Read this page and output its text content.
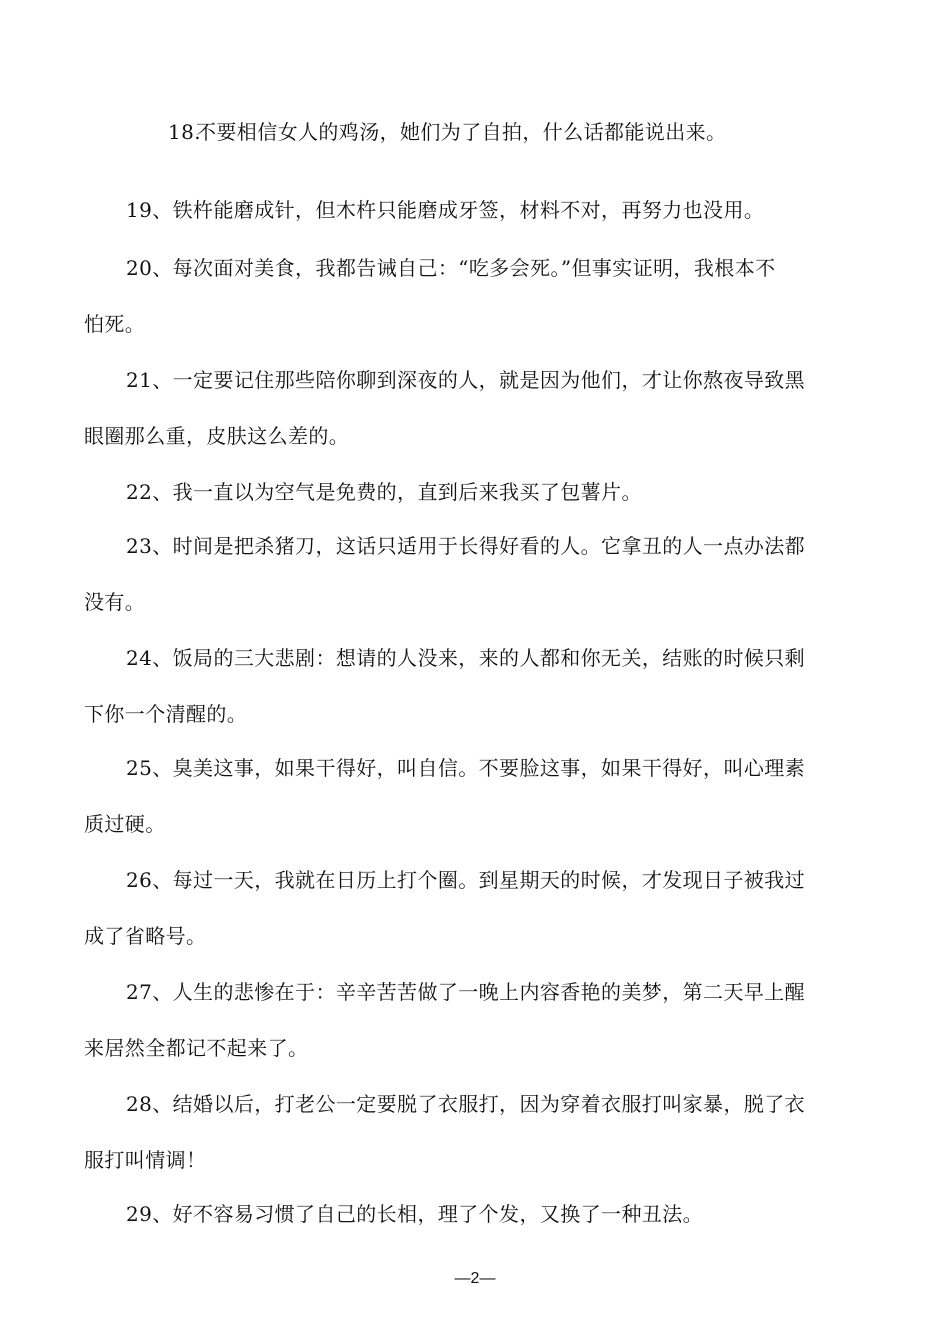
18.不要相信女人的鸡汤，她们为了自拍，什么话都能说出来。

19、铁杵能磨成针，但木杵只能磨成牙签，材料不对，再努力也没用。

20、每次面对美食，我都告诫自己：“吃多会死。”但事实证明，我根本不
怕死。

21、一定要记住那些陪你聊到深夜的人，就是因为他们，才让你熬夜导致黑
眼圈那么重，皮肤这么差的。

22、我一直以为空气是免费的，直到后来我买了包薯片。

23、时间是把杀猪刀，这话只适用于长得好看的人。它拿丑的人一点办法都
没有。

24、饭局的三大悲剧：想请的人没来，来的人都和你无关，结账的时候只剩
下你一个清醒的。

25、臭美这事，如果干得好，叫自信。不要脸这事，如果干得好，叫心理素
质过硬。

26、每过一天，我就在日历上打个圈。到星期天的时候，才发现日子被我过
成了省略号。

27、人生的悲惨在于：辛辛苦苦做了一晚上内容香艳的美梦，第二天早上醒
来居然全都记不起来了。

28、结婚以后，打老公一定要脱了衣服打，因为穿着衣服打叫家暴，脱了衣
服打叫情调！

29、好不容易习惯了自己的长相，理了个发，又换了一种丑法。

—2—
